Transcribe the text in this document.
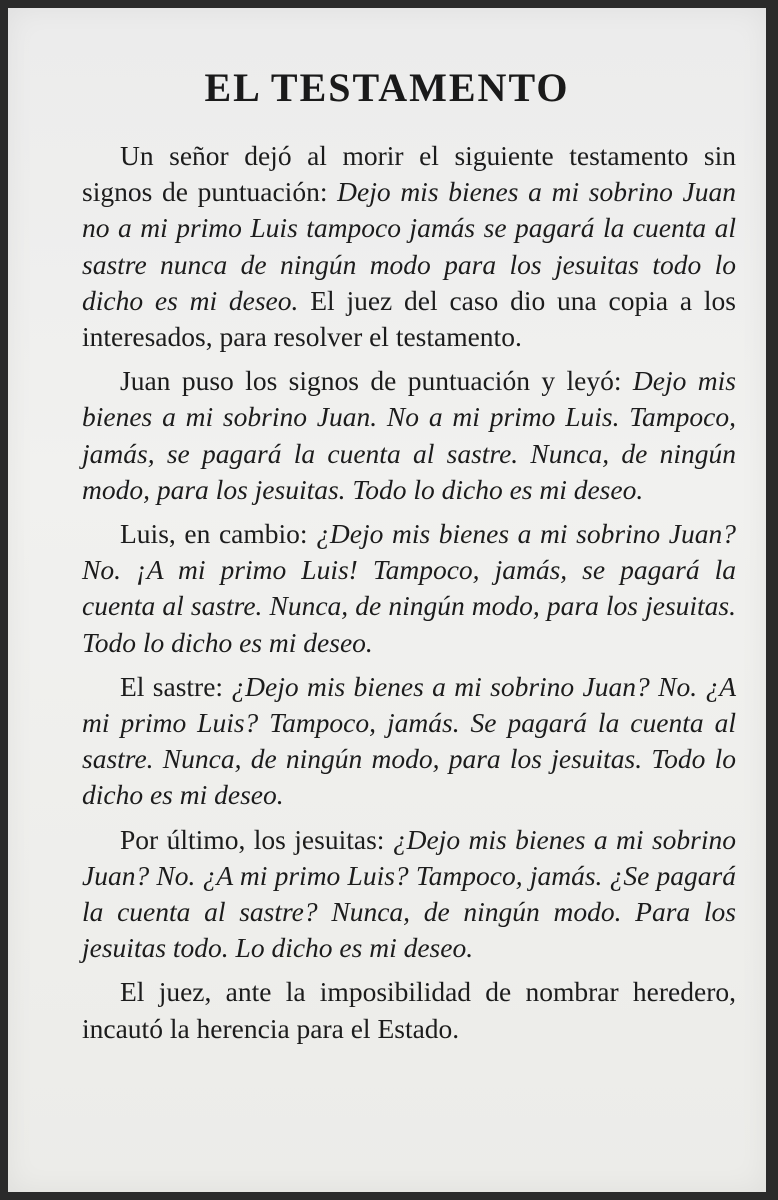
EL TESTAMENTO

Un señor dejó al morir el siguiente testamento sin signos de puntuación: Dejo mis bienes a mi sobrino Juan no a mi primo Luis tampoco jamás se pagará la cuenta al sastre nunca de ningún modo para los jesuitas todo lo dicho es mi deseo. El juez del caso dio una copia a los interesados, para resolver el testamento.

Juan puso los signos de puntuación y leyó: Dejo mis bienes a mi sobrino Juan. No a mi primo Luis. Tampoco, jamás, se pagará la cuenta al sastre. Nunca, de ningún modo, para los jesuitas. Todo lo dicho es mi deseo.

Luis, en cambio: ¿Dejo mis bienes a mi sobrino Juan? No. ¡A mi primo Luis! Tampoco, jamás, se pagará la cuenta al sastre. Nunca, de ningún modo, para los jesuitas. Todo lo dicho es mi deseo.

El sastre: ¿Dejo mis bienes a mi sobrino Juan? No. ¿A mi primo Luis? Tampoco, jamás. Se pagará la cuenta al sastre. Nunca, de ningún modo, para los jesuitas. Todo lo dicho es mi deseo.

Por último, los jesuitas: ¿Dejo mis bienes a mi sobrino Juan? No. ¿A mi primo Luis? Tampoco, jamás. ¿Se pagará la cuenta al sastre? Nunca, de ningún modo. Para los jesuitas todo. Lo dicho es mi deseo.

El juez, ante la imposibilidad de nombrar heredero, incautó la herencia para el Estado.
